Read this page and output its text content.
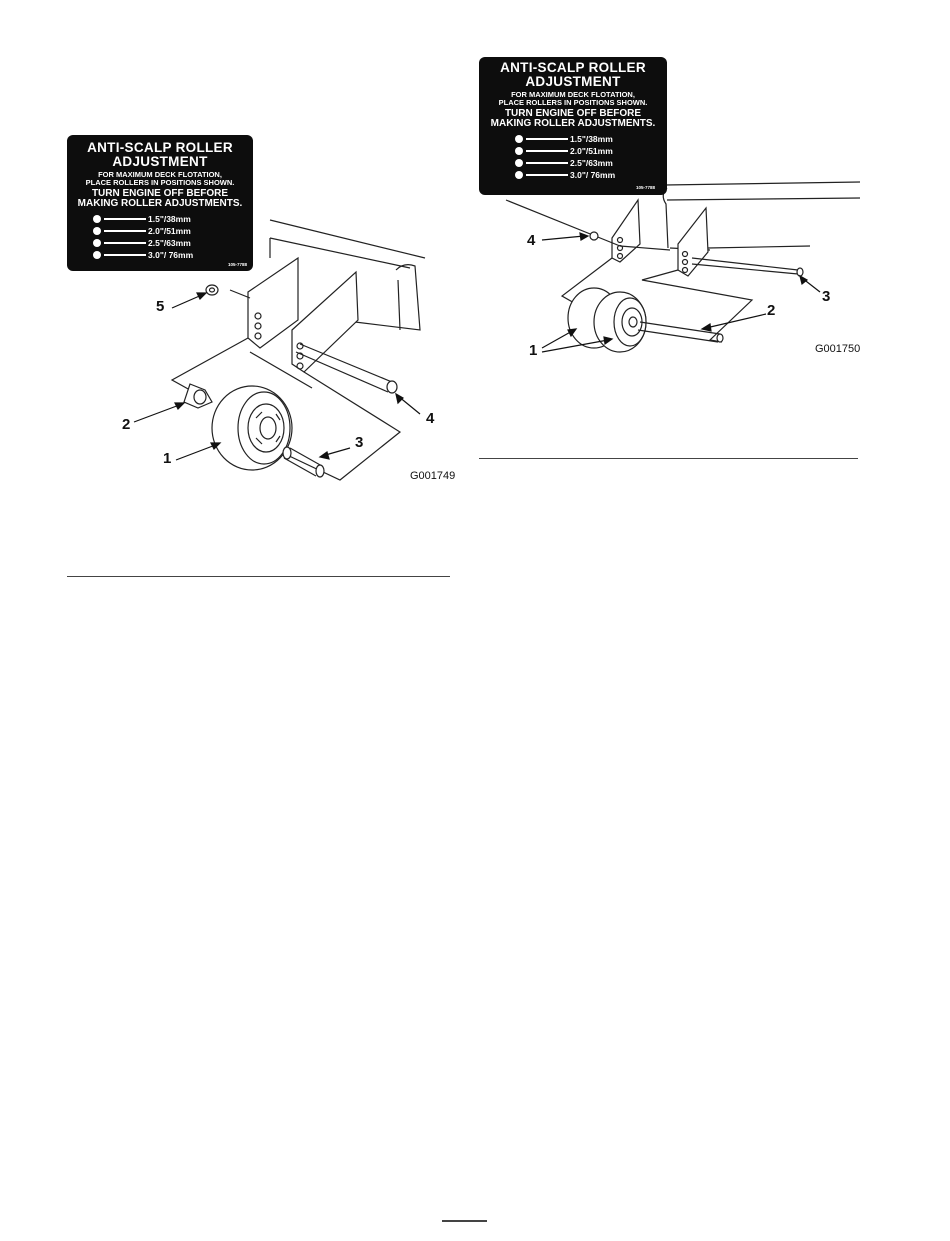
ANTI-SCALP ROLLER
ADJUSTMENT
FOR MAXIMUM DECK FLOTATION,
PLACE ROLLERS IN POSITIONS SHOWN.
TURN ENGINE OFF BEFORE
MAKING ROLLER ADJUSTMENTS.
1.5"/38mm
2.0"/51mm
2.5"/63mm
3.0"/ 76mm
105-7788
5
2
1
3
4
G001749
ANTI-SCALP ROLLER
ADJUSTMENT
FOR MAXIMUM DECK FLOTATION,
PLACE ROLLERS IN POSITIONS SHOWN.
TURN ENGINE OFF BEFORE
MAKING ROLLER ADJUSTMENTS.
1.5"/38mm
2.0"/51mm
2.5"/63mm
3.0"/ 76mm
105-7788
4
3
2
1	G001750
